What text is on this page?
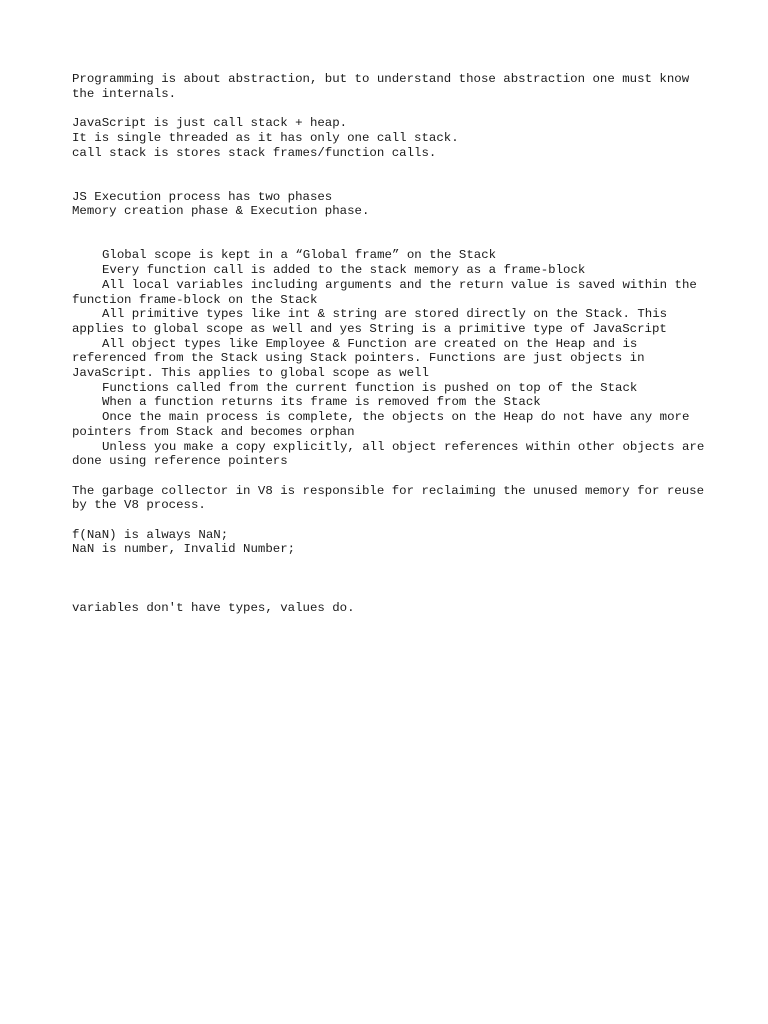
Programming is about abstraction, but to understand those abstraction one must know the internals.

JavaScript is just call stack + heap.
It is single threaded as it has only one call stack.
call stack is stores stack frames/function calls.
JS Execution process has two phases
Memory creation phase & Execution phase.

Global scope is kept in a “Global frame” on the Stack

Every function call is added to the stack memory as a frame-block

All local variables including arguments and the return value is saved within the function frame-block on the Stack

All primitive types like int & string are stored directly on the Stack. This applies to global scope as well and yes String is a primitive type of JavaScript

All object types like Employee & Function are created on the Heap and is referenced from the Stack using Stack pointers. Functions are just objects in JavaScript. This applies to global scope as well

Functions called from the current function is pushed on top of the Stack

When a function returns its frame is removed from the Stack

Once the main process is complete, the objects on the Heap do not have any more pointers from Stack and becomes orphan

Unless you make a copy explicitly, all object references within other objects are done using reference pointers

The garbage collector in V8 is responsible for reclaiming the unused memory for reuse by the V8 process.

f(NaN) is always NaN;
NaN is number, Invalid Number;

variables don't have types, values do.
